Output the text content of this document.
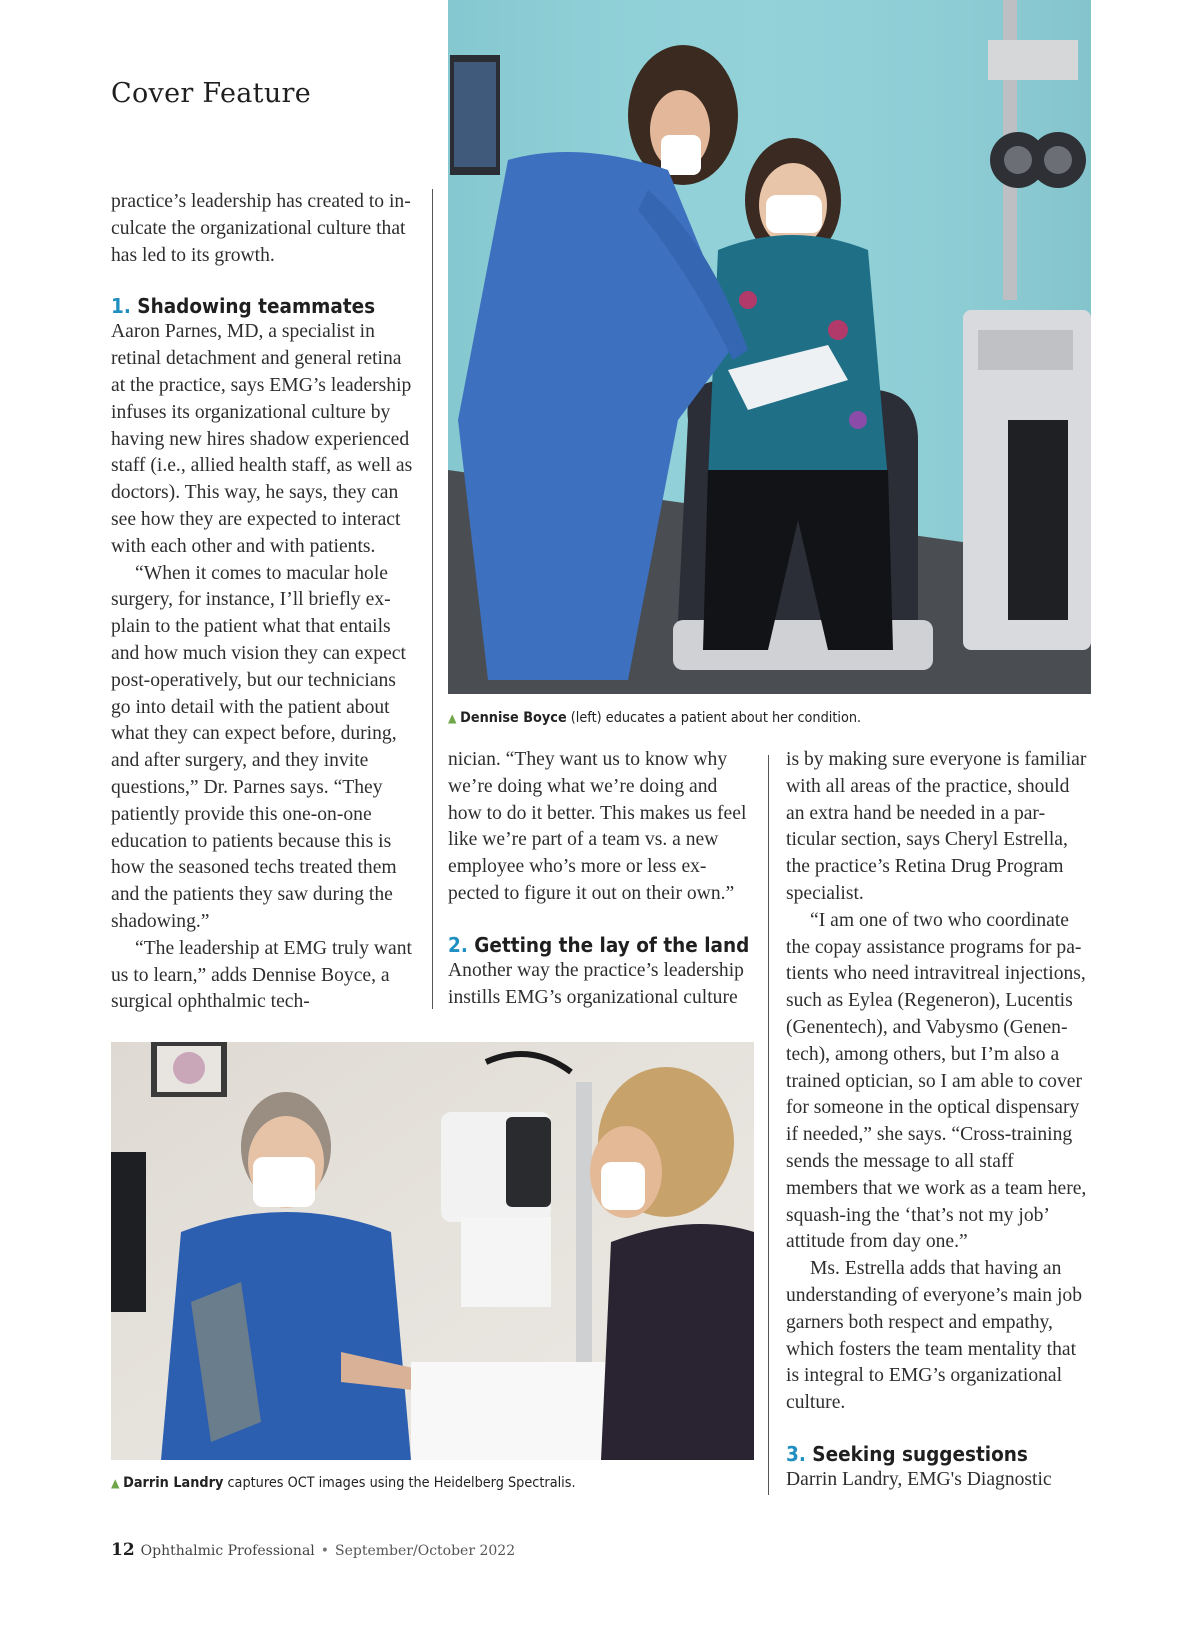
Cover Feature
▲ Dennise Boyce (left) educates a patient about her condition.

practice’s leadership has created to in-culcate the organizational culture that has led to its growth.

1. Shadowing teammates

Aaron Parnes, MD, a specialist in retinal detachment and general retina at the practice, says EMG’s leadership infuses its organizational culture by having new hires shadow experienced staff (i.e., allied health staff, as well as doctors). This way, he says, they can see how they are expected to interact with each other and with patients.

“When it comes to macular hole surgery, for instance, I’ll briefly ex-plain to the patient what that entails and how much vision they can expect post-operatively, but our technicians go into detail with the patient about what they can expect before, during, and after surgery, and they invite questions,” Dr. Parnes says. “They patiently provide this one-on-one education to patients because this is how the seasoned techs treated them and the patients they saw during the shadowing.”

“The leadership at EMG truly want us to learn,” adds Dennise Boyce, a surgical ophthalmic tech-

nician. “They want us to know why we’re doing what we’re doing and how to do it better. This makes us feel like we’re part of a team vs. a new employee who’s more or less ex-pected to figure it out on their own.”

2. Getting the lay of the land

Another way the practice’s leadership instills EMG’s organizational culture

is by making sure everyone is familiar with all areas of the practice, should an extra hand be needed in a par-ticular section, says Cheryl Estrella, the practice’s Retina Drug Program specialist.

“I am one of two who coordinate the copay assistance programs for pa-tients who need intravitreal injections, such as Eylea (Regeneron), Lucentis (Genentech), and Vabysmo (Genen-tech), among others, but I’m also a trained optician, so I am able to cover for someone in the optical dispensary if needed,” she says. “Cross-training sends the message to all staff members that we work as a team here, squash-ing the ‘that’s not my job’ attitude from day one.”

Ms. Estrella adds that having an understanding of everyone’s main job garners both respect and empathy, which fosters the team mentality that is integral to EMG’s organizational culture.

3. Seeking suggestions

Darrin Landry, EMG's Diagnostic

▲ Darrin Landry captures OCT images using the Heidelberg Spectralis.
12 Ophthalmic Professional • September/October 2022
